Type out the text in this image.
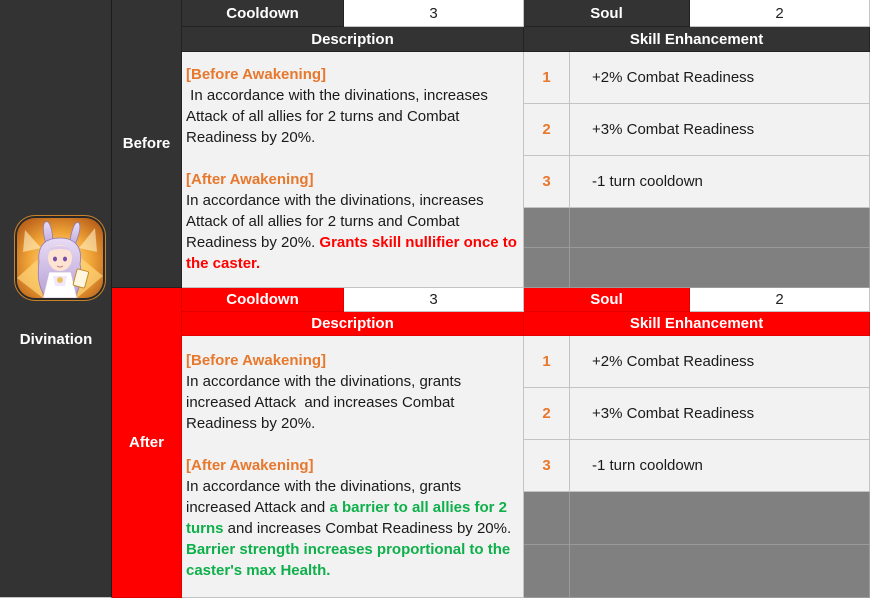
Divination
Before
Cooldown	3	Soul	2
Description	Skill Enhancement

[Before Awakening]

In accordance with the divinations, increases Attack of all allies for 2 turns and Combat Readiness by 20%.

[After Awakening]

In accordance with the divinations, increases Attack of all allies for 2 turns and Combat Readiness by 20%. Grants skill nullifier once to the caster.

1	+2% Combat Readiness
2	+3% Combat Readiness
3	-1 turn cooldown
After
Cooldown	3	Soul	2
Description	Skill Enhancement

[Before Awakening]

In accordance with the divinations, grants increased Attack  and increases Combat Readiness by 20%.

[After Awakening]

In accordance with the divinations, grants increased Attack and a barrier to all allies for 2 turns and increases Combat Readiness by 20%. Barrier strength increases proportional to the caster's max Health.

1	+2% Combat Readiness
2	+3% Combat Readiness
3	-1 turn cooldown
